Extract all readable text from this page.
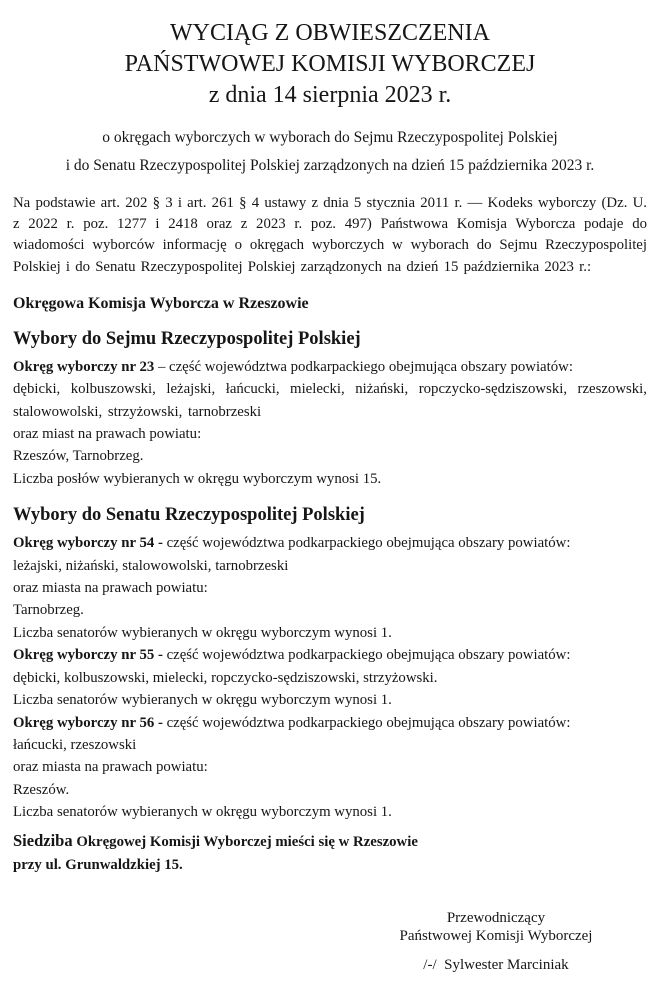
WYCIĄG Z OBWIESZCZENIA
PAŃSTWOWEJ KOMISJI WYBORCZEJ
z dnia 14 sierpnia 2023 r.

o okręgach wyborczych w wyborach do Sejmu Rzeczypospolitej Polskiej
i do Senatu Rzeczypospolitej Polskiej zarządzonych na dzień 15 października 2023 r.

Na podstawie art. 202 § 3 i art. 261 § 4 ustawy z dnia 5 stycznia 2011 r. — Kodeks wyborczy (Dz. U. z 2022 r. poz. 1277 i 2418 oraz z 2023 r. poz. 497) Państwowa Komisja Wyborcza podaje do wiadomości wyborców informację o okręgach wyborczych w wyborach do Sejmu Rzeczypospolitej Polskiej i do Senatu Rzeczypospolitej Polskiej zarządzonych na dzień 15 października 2023 r.:

Okręgowa Komisja Wyborcza w Rzeszowie
Wybory do Sejmu Rzeczypospolitej Polskiej

Okręg wyborczy nr 23 – część województwa podkarpackiego obejmująca obszary powiatów:

dębicki, kolbuszowski, leżajski, łańcucki, mielecki, niżański, ropczycko-sędziszowski, rzeszowski, stalowowolski, strzyżowski, tarnobrzeski

oraz miast na prawach powiatu:

Rzeszów, Tarnobrzeg.

Liczba posłów wybieranych w okręgu wyborczym wynosi 15.

Wybory do Senatu Rzeczypospolitej Polskiej

Okręg wyborczy nr 54 - część województwa podkarpackiego obejmująca obszary powiatów:

leżajski, niżański, stalowowolski, tarnobrzeski

oraz miasta na prawach powiatu:

Tarnobrzeg.

Liczba senatorów wybieranych w okręgu wyborczym wynosi 1.

Okręg wyborczy nr 55 - część województwa podkarpackiego obejmująca obszary powiatów:

dębicki, kolbuszowski, mielecki, ropczycko-sędziszowski, strzyżowski.

Liczba senatorów wybieranych w okręgu wyborczym wynosi 1.

Okręg wyborczy nr 56 - część województwa podkarpackiego obejmująca obszary powiatów:

łańcucki, rzeszowski

oraz miasta na prawach powiatu:

Rzeszów.

Liczba senatorów wybieranych w okręgu wyborczym wynosi 1.

Siedziba Okręgowej Komisji Wyborczej mieści się w Rzeszowie

przy ul. Grunwaldzkiej 15.

Przewodniczący

Państwowej Komisji Wyborczej

/-/  Sylwester Marciniak
